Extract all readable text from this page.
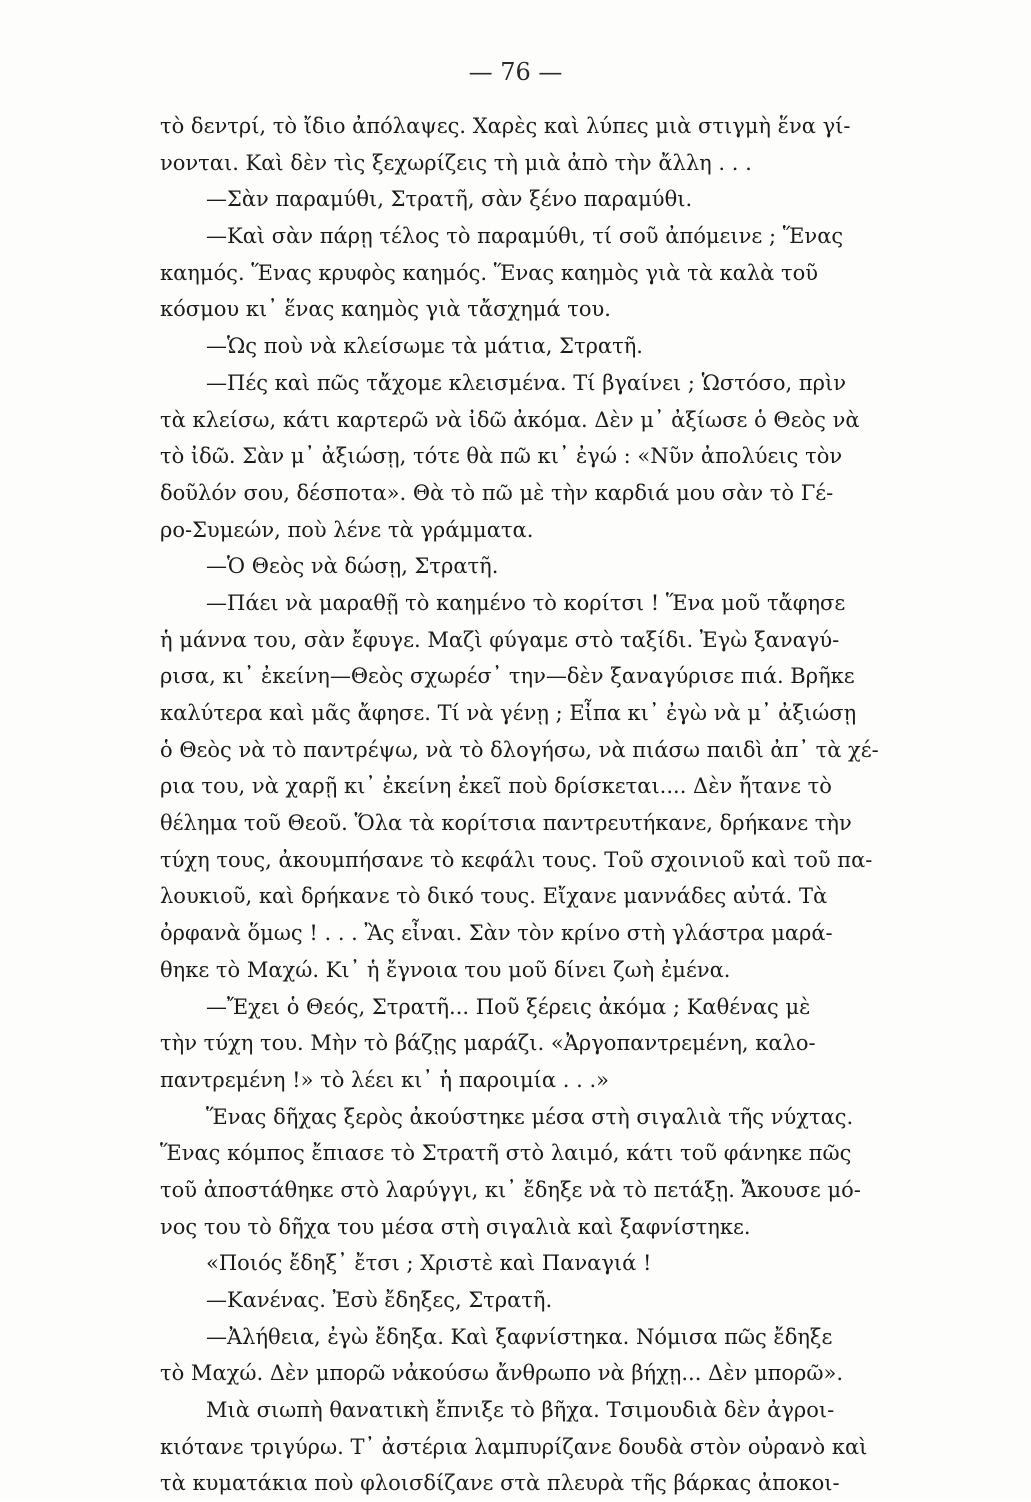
— 76 —
τὸ δεντρί, τὸ ἴδιο ἀπόλαψες. Χαρὲς καὶ λύπες μιὰ στιγμὴ ἕνα γί-
νονται. Καὶ δὲν τὶς ξεχωρίζεις τὴ μιὰ ἀπὸ τὴν ἄλλη . . .
—Σὰν παραμύθι, Στρατῆ, σὰν ξένο παραμύθι.
—Καὶ σὰν πάρῃ τέλος τὸ παραμύθι, τί σοῦ ἀπόμεινε ; Ἕνας
καημός. Ἕνας κρυφὸς καημός. Ἕνας καημὸς γιὰ τὰ καλὰ τοῦ
κόσμου κι᾿ ἕνας καημὸς γιὰ τἄσχημά του.
—Ὡς ποὺ νὰ κλείσωμε τὰ μάτια, Στρατῆ.
—Πές καὶ πῶς τἄχομε κλεισμένα. Τί βγαίνει ; Ὡστόσο, πρὶν
τὰ κλείσω, κάτι καρτερῶ νὰ ἰδῶ ἀκόμα. Δὲν μ᾿ ἀξίωσε ὁ Θεὸς νὰ
τὸ ἰδῶ. Σὰν μ᾿ ἀξιώσῃ, τότε θὰ πῶ κι᾿ ἐγώ : «Νῦν ἀπολύεις τὸν
δοῦλόν σου, δέσποτα». Θὰ τὸ πῶ μὲ τὴν καρδιά μου σὰν τὸ Γέ-
ρο-Συμεών, ποὺ λένε τὰ γράμματα.
—Ὁ Θεὸς νὰ δώσῃ, Στρατῆ.
—Πάει νὰ μαραθῇ τὸ καημένο τὸ κορίτσι ! Ἕνα μοῦ τἄφησε
ἡ μάννα του, σὰν ἔφυγε. Μαζὶ φύγαμε στὸ ταξίδι. Ἐγὼ ξαναγύ-
ρισα, κι᾿ ἐκείνη—Θεὸς σχωρέσ᾿ την—δὲν ξαναγύρισε πιά. Βρῆκε
καλύτερα καὶ μᾶς ἄφησε. Τί νὰ γένῃ ; Εἶπα κι᾿ ἐγὼ νὰ μ᾿ ἀξιώσῃ
ὁ Θεὸς νὰ τὸ παντρέψω, νὰ τὸ δλογήσω, νὰ πιάσω παιδὶ ἀπ᾿ τὰ χέ-
ρια του, νὰ χαρῇ κι᾿ ἐκείνη ἐκεῖ ποὺ δρίσκεται.... Δὲν ἤτανε τὸ
θέλημα τοῦ Θεοῦ. Ὅλα τὰ κορίτσια παντρευτήκανε, δρήκανε τὴν
τύχη τους, ἀκουμπήσανε τὸ κεφάλι τους. Τοῦ σχοινιοῦ καὶ τοῦ πα-
λουκιοῦ, καὶ δρήκανε τὸ δικό τους. Εἴχανε μαννάδες αὐτά. Τὰ
ὀρφανὰ ὅμως ! . . . Ἂς εἶναι. Σὰν τὸν κρίνο στὴ γλάστρα μαρά-
θηκε τὸ Μαχώ. Κι᾿ ἡ ἔγνοια του μοῦ δίνει ζωὴ ἐμένα.
—Ἔχει ὁ Θεός, Στρατῆ... Ποῦ ξέρεις ἀκόμα ; Καθένας μὲ
τὴν τύχη του. Μὴν τὸ βάζῃς μαράζι. «Ἀργοπαντρεμένη, καλο-
παντρεμένη !» τὸ λέει κι᾿ ἡ παροιμία . . .»
Ἕνας δῆχας ξερὸς ἀκούστηκε μέσα στὴ σιγαλιὰ τῆς νύχτας.
Ἕνας κόμπος ἔπιασε τὸ Στρατῆ στὸ λαιμό, κάτι τοῦ φάνηκε πῶς
τοῦ ἀποστάθηκε στὸ λαρύγγι, κι᾿ ἔδηξε νὰ τὸ πετάξῃ. Ἄκουσε μό-
νος του τὸ δῆχα του μέσα στὴ σιγαλιὰ καὶ ξαφνίστηκε.
«Ποιός ἔδηξ᾿ ἔτσι ; Χριστὲ καὶ Παναγιά !
—Κανένας. Ἐσὺ ἔδηξες, Στρατῆ.
—Ἀλήθεια, ἐγὼ ἔδηξα. Καὶ ξαφνίστηκα. Νόμισα πῶς ἔδηξε
τὸ Μαχώ. Δὲν μπορῶ νἀκούσω ἄνθρωπο νὰ βήχῃ... Δὲν μπορῶ».
Μιὰ σιωπὴ θανατικὴ ἔπνιξε τὸ βῆχα. Τσιμουδιὰ δὲν ἀγροι-
κιότανε τριγύρω. Τ᾿ ἀστέρια λαμπυρίζανε δουδὰ στὸν οὐρανὸ καὶ
τὰ κυματάκια ποὺ φλοισδίζανε στὰ πλευρὰ τῆς βάρκας ἀποκοι-
